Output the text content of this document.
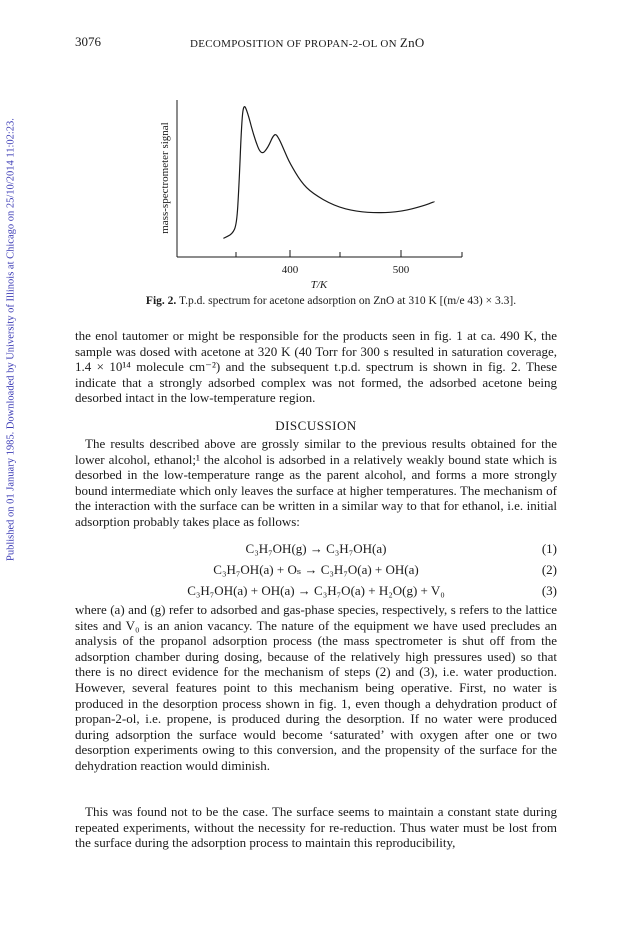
Published on 01 January 1985. Downloaded by University of Illinois at Chicago on 25/10/2014 11:02:23.
3076	DECOMPOSITION OF PROPAN-2-OL ON ZnO
400	500
T/K
mass-spectrometer signal
Fig. 2. T.p.d. spectrum for acetone adsorption on ZnO at 310 K [(m/e 43) × 3.3].
the enol tautomer or might be responsible for the products seen in fig. 1 at ca. 490 K, the sample was dosed with acetone at 320 K (40 Torr for 300 s resulted in saturation coverage, 1.4 × 10¹⁴ molecule cm⁻²) and the subsequent t.p.d. spectrum is shown in fig. 2. These indicate that a strongly adsorbed complex was not formed, the adsorbed acetone being desorbed intact in the low-temperature region.
DISCUSSION
The results described above are grossly similar to the previous results obtained for the lower alcohol, ethanol;¹ the alcohol is adsorbed in a relatively weakly bound state which is desorbed in the low-temperature range as the parent alcohol, and forms a more strongly bound intermediate which only leaves the surface at higher temperatures. The mechanism of the interaction with the surface can be written in a similar way to that for ethanol, i.e. initial adsorption probably takes place as follows:
C₃H₇OH(g) → C₃H₇OH(a)	(1)
C₃H₇OH(a) + Oₛ → C₃H₇O(a) + OH(a)	(2)
C₃H₇OH(a) + OH(a) → C₃H₇O(a) + H₂O(g) + V₀	(3)
where (a) and (g) refer to adsorbed and gas-phase species, respectively, s refers to the lattice sites and V₀ is an anion vacancy. The nature of the equipment we have used precludes an analysis of the propanol adsorption process (the mass spectrometer is shut off from the adsorption chamber during dosing, because of the relatively high pressures used) so that there is no direct evidence for the mechanism of steps (2) and (3), i.e. water production. However, several features point to this mechanism being operative. First, no water is produced in the desorption process shown in fig. 1, even though a dehydration product of propan-2-ol, i.e. propene, is produced during the desorption. If no water were produced during adsorption the surface would become ‘saturated’ with oxygen after one or two desorption experiments owing to this conversion, and the propensity of the surface for the dehydration reaction would diminish.
This was found not to be the case. The surface seems to maintain a constant state during repeated experiments, without the necessity for re-reduction. Thus water must be lost from the surface during the adsorption process to maintain this reproducibility,
